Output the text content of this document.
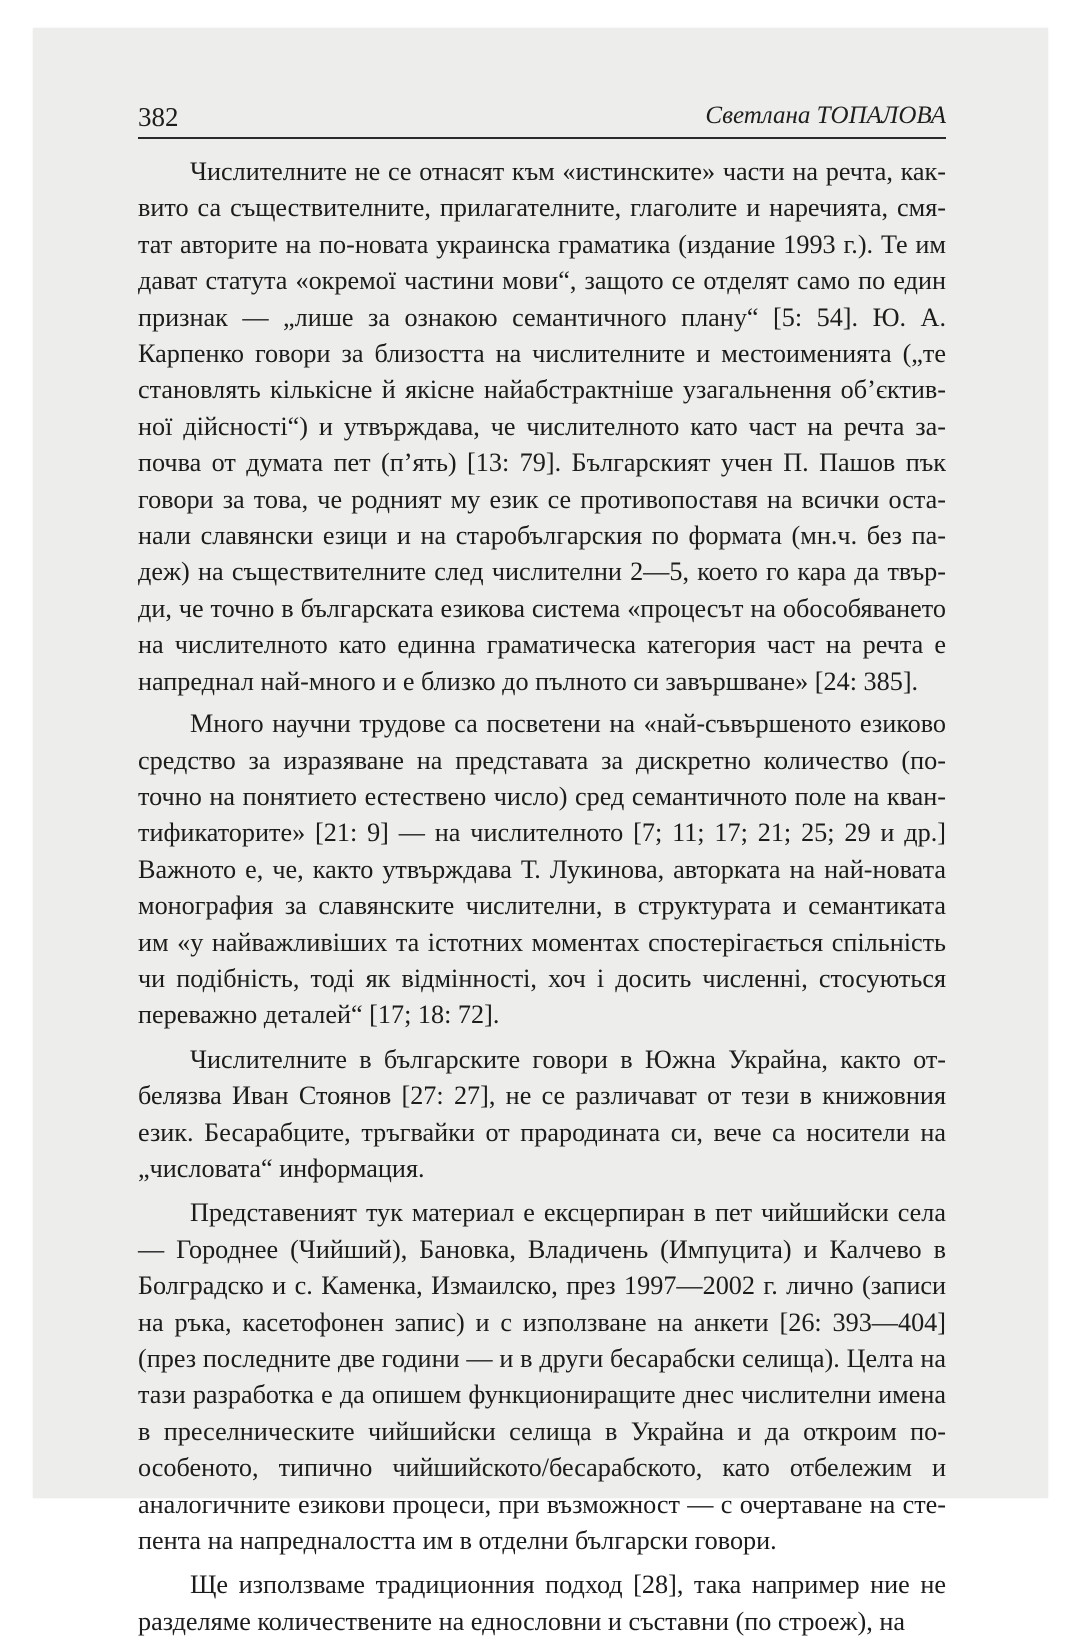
382	Светлана ТОПАЛОВА

Числителните не се отнасят към «истинските» части на речта, каквито са съществителните, прилагателните, глаголите и наречията, смятат авторите на по-новата украинска граматика (издание 1993 г.). Те им дават статута «окремої частини мови“, защото се отделят само по един признак — „лише за ознакою семантичного плану“ [5: 54]. Ю. А. Карпенко говори за близостта на числителните и местоименията („те становлять кількісне й якісне найабстрактніше узагальнення об’єктивної дійсності“) и утвърждава, че числителното като част на речта започва от думата пет (п’ять) [13: 79]. Българският учен П. Пашов пък говори за това, че родният му език се противопоставя на всички останали славянски езици и на старобългарския по формата (мн.ч. без падеж) на съществителните след числителни 2—5, което го кара да твърди, че точно в българската езикова система «процесът на обособяването на числителното като единна граматическа категория част на речта е напреднал най-много и е близко до пълното си завършване» [24: 385].

Много научни трудове са посветени на «най-съвършеното езиково средство за изразяване на представата за дискретно количество (поточно на понятието естествено число) сред семантичното поле на квантификаторите» [21: 9] — на числителното [7; 11; 17; 21; 25; 29 и др.] Важното е, че, както утвърждава Т. Лукинова, авторката на най-новата монография за славянските числителни, в структурата и семантиката им «у найважливіших та істотних моментах спостерігається спільність чи подібність, тоді як відмінності, хоч і досить численні, стосуються переважно деталей“ [17; 18: 72].

Числителните в българските говори в Южна Украйна, както отбелязва Иван Стоянов [27: 27], не се различават от тези в книжовния език. Бесарабците, тръгвайки от прародината си, вече са носители на „числовата“ информация.

Представеният тук материал е ексцерпиран в пет чийшийски села — Городнее (Чийший), Бановка, Владичень (Импуцита) и Калчево в Болградско и с. Каменка, Измаилско, през 1997—2002 г. лично (записи на ръка, касетофонен запис) и с използване на анкети [26: 393—404] (през последните две години — и в други бесарабски селища). Целта на тази разработка е да опишем функциониращите днес числителни имена в преселническите чийшийски селища в Украйна и да откроим по-особеното, типично чийшийското/бесарабското, като отбележим и аналогичните езикови процеси, при възможност — с очертаване на степента на напредналостта им в отделни български говори.

Ще използваме традиционния подход [28], така например ние не разделяме количествените на еднословни и съставни (по строеж), на
